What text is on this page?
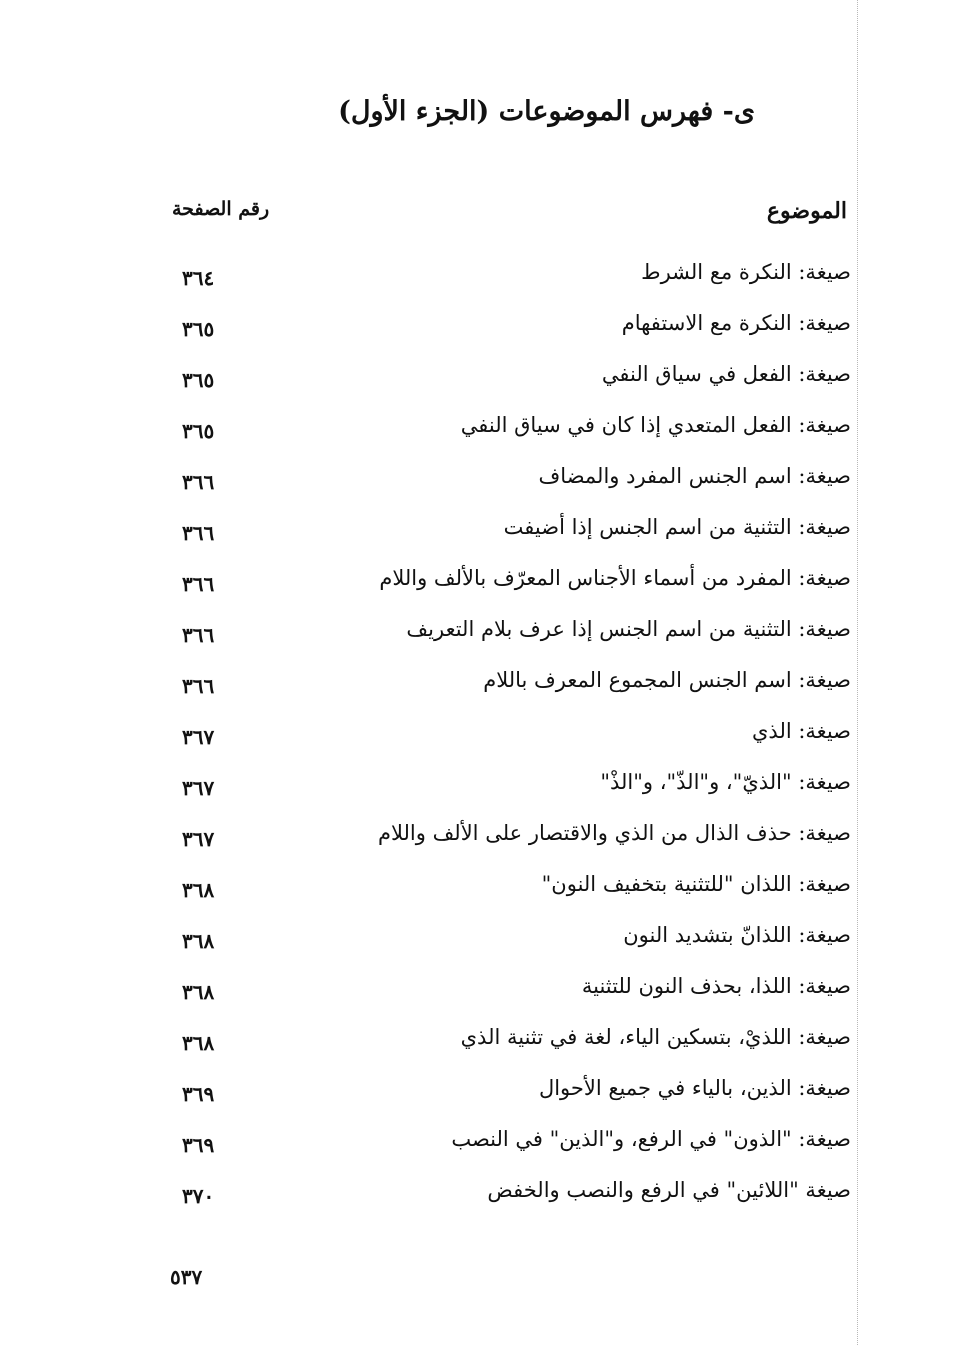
ى- فهرس الموضوعات (الجزء الأول)
الموضوع
رقم الصفحة
صيغة: النكرة مع الشرط
٣٦٤
صيغة: النكرة مع الاستفهام
٣٦٥
صيغة: الفعل في سياق النفي
٣٦٥
صيغة: الفعل المتعدي إذا كان في سياق النفي
٣٦٥
صيغة: اسم الجنس المفرد والمضاف
٣٦٦
صيغة: التثنية من اسم الجنس إذا أضيفت
٣٦٦
صيغة: المفرد من أسماء الأجناس المعرّف بالألف واللام
٣٦٦
صيغة: التثنية من اسم الجنس إذا عرف بلام التعريف
٣٦٦
صيغة: اسم الجنس المجموع المعرف باللام
٣٦٦
صيغة: الذي
٣٦٧
صيغة: "الذيّ"، و"الذّ"، و"الذْ"
٣٦٧
صيغة: حذف الذال من الذي والاقتصار على الألف واللام
٣٦٧
صيغة: اللذان "للتثنية بتخفيف النون"
٣٦٨
صيغة: اللذانّ بتشديد النون
٣٦٨
صيغة: اللذا، بحذف النون للتثنية
٣٦٨
صيغة: اللذيْ، بتسكين الياء، لغة في تثنية الذي
٣٦٨
صيغة: الذين، بالياء في جميع الأحوال
٣٦٩
صيغة: "الذون" في الرفع، و"الذين" في النصب
٣٦٩
صيغة "اللائين" في الرفع والنصب والخفض
٣٧٠
٥٣٧
